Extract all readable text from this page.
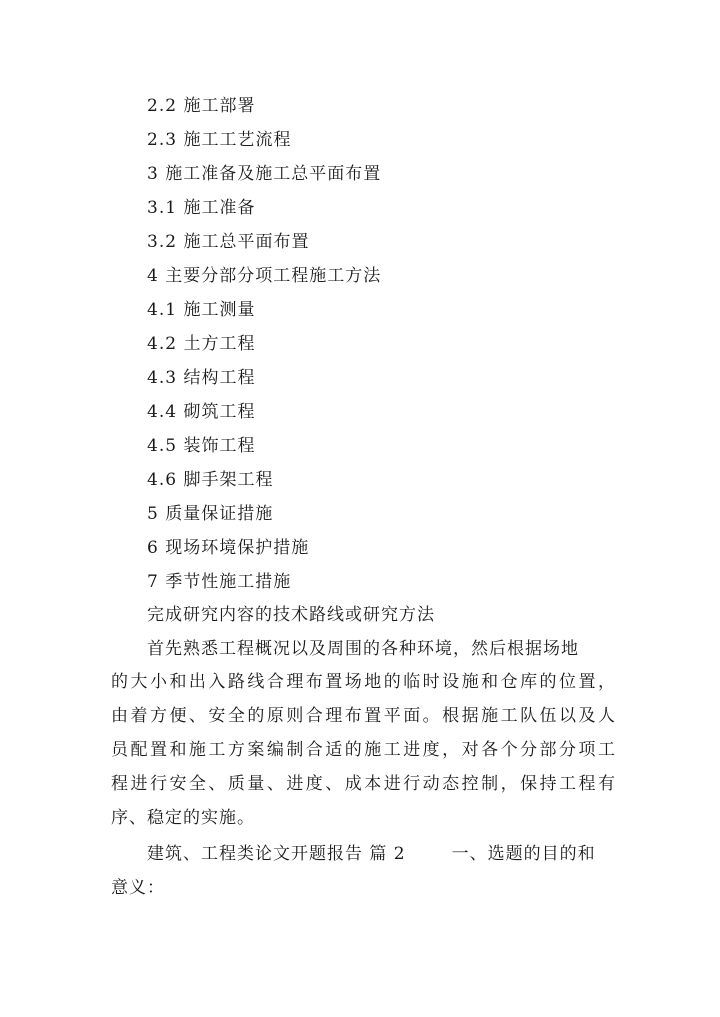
2.2 施工部署
2.3 施工工艺流程
3 施工准备及施工总平面布置
3.1 施工准备
3.2 施工总平面布置
4 主要分部分项工程施工方法
4.1 施工测量
4.2 土方工程
4.3 结构工程
4.4 砌筑工程
4.5 装饰工程
4.6 脚手架工程
5 质量保证措施
6 现场环境保护措施
7 季节性施工措施
完成研究内容的技术路线或研究方法
首先熟悉工程概况以及周围的各种环境，然后根据场地
的大小和出入路线合理布置场地的临时设施和仓库的位置，
由着方便、安全的原则合理布置平面。根据施工队伍以及人
员配置和施工方案编制合适的施工进度，对各个分部分项工
程进行安全、质量、进度、成本进行动态控制，保持工程有
序、稳定的实施。
建筑、工程类论文开题报告 篇 2	一、选题的目的和
意义：
